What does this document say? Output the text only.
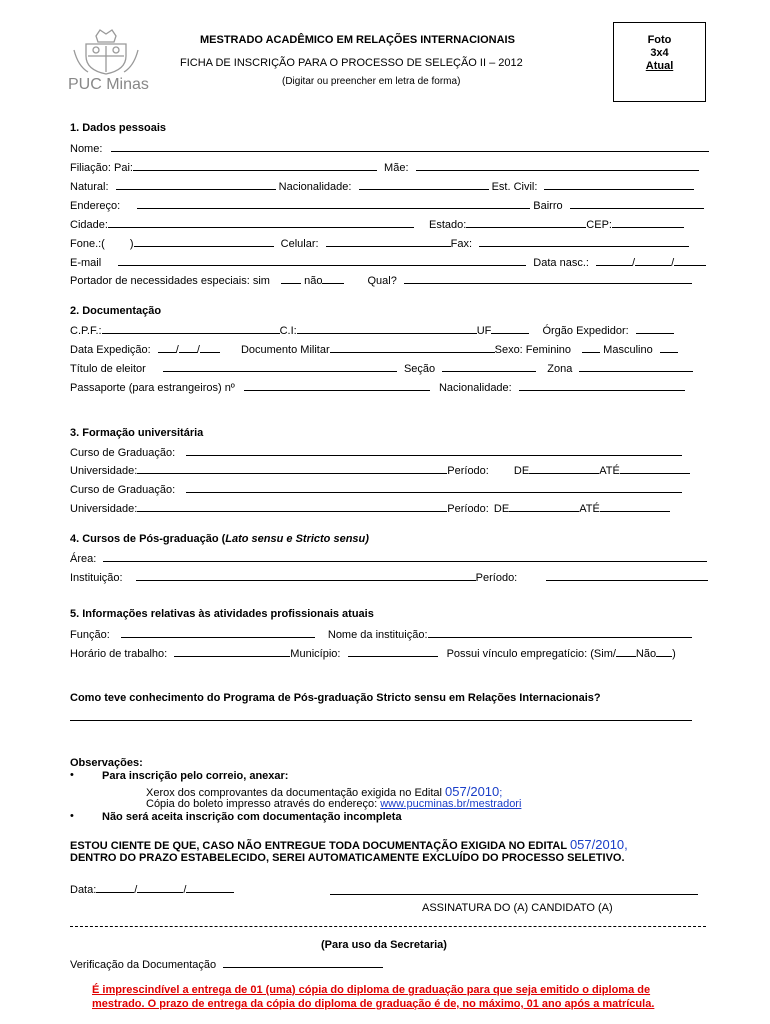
PUC Minas
MESTRADO ACADÊMICO EM RELAÇÕES INTERNACIONAIS
FICHA DE INSCRIÇÃO PARA O PROCESSO DE SELEÇÃO II – 2012
(Digitar ou preencher em letra de forma)
Foto
3x4
Atual
1. Dados pessoais
Nome:
Filiação: Pai:	Mãe:
Natural:	Nacionalidade:	Est. Civil:
Endereço:	Bairro
Cidade:	Estado:	CEP:
Fone.:( )	Celular:	Fax:
E-mail	Data nasc.:	/	/
Portador de necessidades especiais: sim	não	Qual?
2. Documentação
C.P.F.:	C.I:	UF	Órgão Expedidor:
Data Expedição: / /	Documento Militar	Sexo: Feminino	Masculino
Título de eleitor	Seção	Zona
Passaporte (para estrangeiros) nº	Nacionalidade:
3. Formação universitária
Curso de Graduação:
Universidade:	Período: DE	ATÉ
Curso de Graduação:
Universidade:	Período: DE	ATÉ
4. Cursos de Pós-graduação (Lato sensu e Stricto sensu)
Área:
Instituição:	Período:
5. Informações relativas às atividades profissionais atuais
Função:	Nome da instituição:
Horário de trabalho:	Município:	Possui vínculo empregatício: (Sim/ Não )
Como teve conhecimento do Programa de Pós-graduação Stricto sensu em Relações Internacionais?
Observações:
•	Para inscrição pelo correio, anexar:
Xerox dos comprovantes da documentação exigida no Edital 057/2010;
Cópia do boleto impresso através do endereço: www.pucminas.br/mestradori
•	Não será aceita inscrição com documentação incompleta
ESTOU CIENTE DE QUE, CASO NÃO ENTREGUE TODA DOCUMENTAÇÃO EXIGIDA NO EDITAL 057/2010,
DENTRO DO PRAZO ESTABELECIDO, SEREI AUTOMATICAMENTE EXCLUÍDO DO PROCESSO SELETIVO.
Data:	/	/
ASSINATURA DO (A) CANDIDATO (A)
(Para uso da Secretaria)
Verificação da Documentação
É imprescindível a entrega de 01 (uma) cópia do diploma de graduação para que seja emitido o diploma de
mestrado. O prazo de entrega da cópia do diploma de graduação é de, no máximo, 01 ano após a matrícula.
